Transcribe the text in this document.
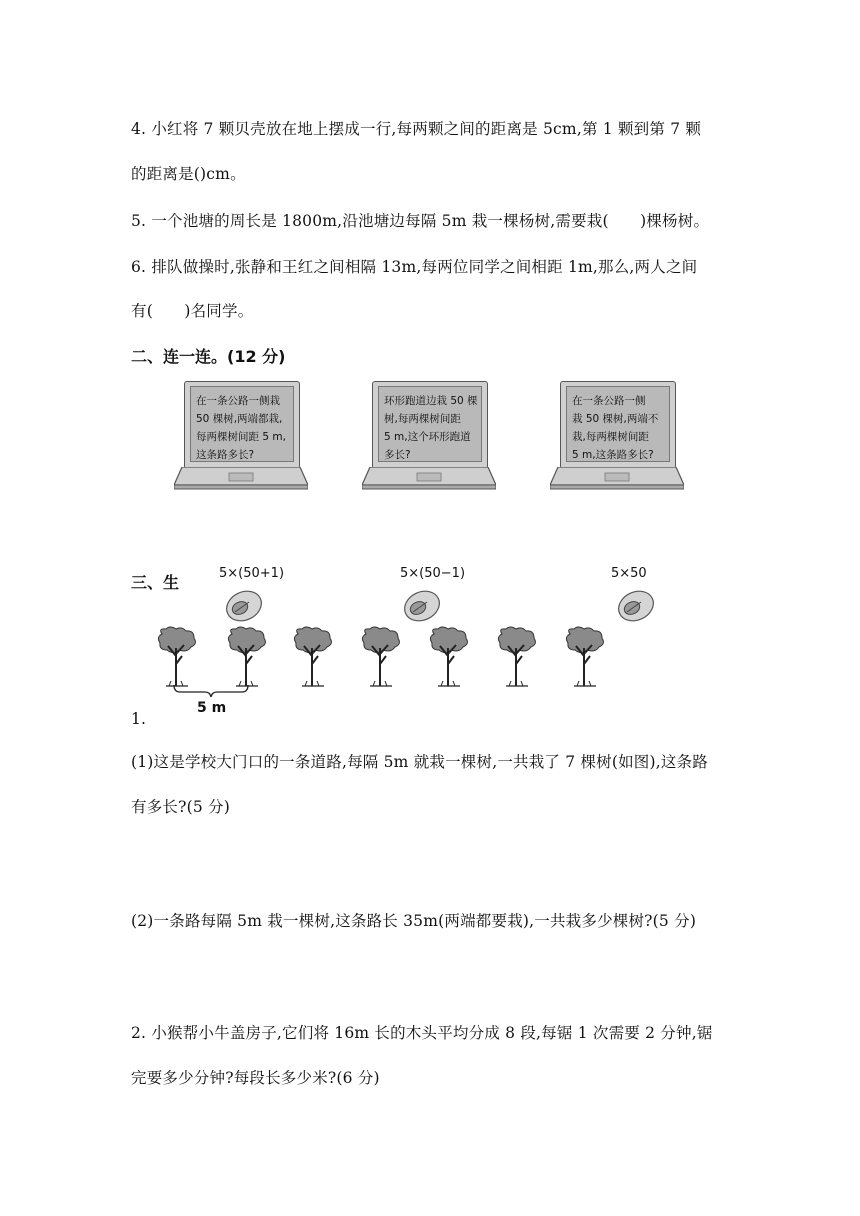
4. 小红将 7 颗贝壳放在地上摆成一行,每两颗之间的距离是 5cm,第 1 颗到第 7 颗
的距离是()cm。
5. 一个池塘的周长是 1800m,沿池塘边每隔 5m 栽一棵杨树,需要栽(　　)棵杨树。
6. 排队做操时,张静和王红之间相隔 13m,每两位同学之间相距 1m,那么,两人之间
有(　　)名同学。
二、连一连。(12 分)
在一条公路一侧栽
50 棵树,两端都栽,
每两棵树间距 5 m,
这条路多长?
环形跑道边栽 50 棵
树,每两棵树间距
5 m,这个环形跑道
多长?
在一条公路一侧
栽 50 棵树,两端不
栽,每两棵树间距
5 m,这条路多长?
三、生	5×(50+1)	5×(50−1)	5×50
5 m
1.
(1)这是学校大门口的一条道路,每隔 5m 就栽一棵树,一共栽了 7 棵树(如图),这条路
有多长?(5 分)
(2)一条路每隔 5m 栽一棵树,这条路长 35m(两端都要栽),一共栽多少棵树?(5 分)
2. 小猴帮小牛盖房子,它们将 16m 长的木头平均分成 8 段,每锯 1 次需要 2 分钟,锯
完要多少分钟?每段长多少米?(6 分)
